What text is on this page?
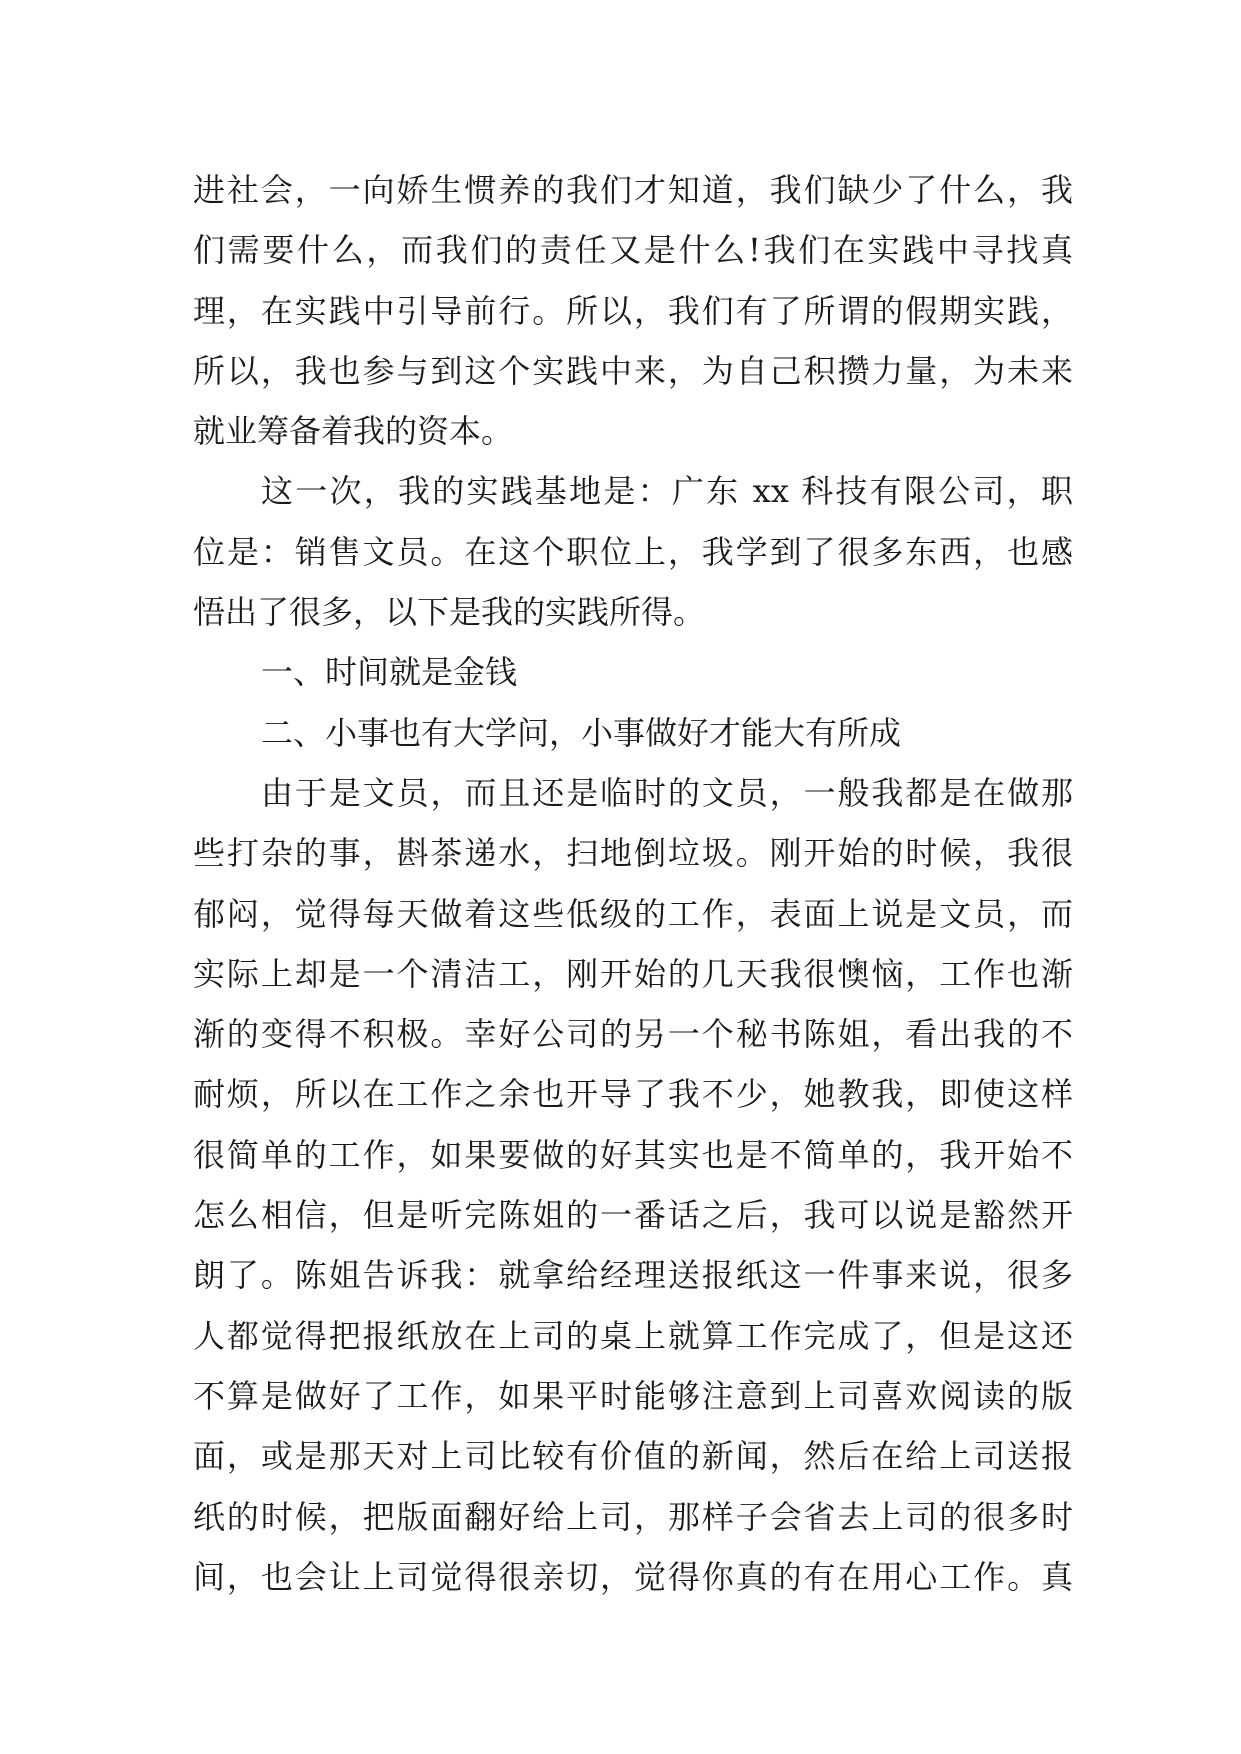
进社会，一向娇生惯养的我们才知道，我们缺少了什么，我
们需要什么，而我们的责任又是什么!我们在实践中寻找真
理，在实践中引导前行。所以，我们有了所谓的假期实践，
所以，我也参与到这个实践中来，为自己积攒力量，为未来
就业筹备着我的资本。
这一次，我的实践基地是：广东 xx 科技有限公司，职
位是：销售文员。在这个职位上，我学到了很多东西，也感
悟出了很多，以下是我的实践所得。
一、时间就是金钱
二、小事也有大学问，小事做好才能大有所成
由于是文员，而且还是临时的文员，一般我都是在做那
些打杂的事，斟茶递水，扫地倒垃圾。刚开始的时候，我很
郁闷，觉得每天做着这些低级的工作，表面上说是文员，而
实际上却是一个清洁工，刚开始的几天我很懊恼，工作也渐
渐的变得不积极。幸好公司的另一个秘书陈姐，看出我的不
耐烦，所以在工作之余也开导了我不少，她教我，即使这样
很简单的工作，如果要做的好其实也是不简单的，我开始不
怎么相信，但是听完陈姐的一番话之后，我可以说是豁然开
朗了。陈姐告诉我：就拿给经理送报纸这一件事来说，很多
人都觉得把报纸放在上司的桌上就算工作完成了，但是这还
不算是做好了工作，如果平时能够注意到上司喜欢阅读的版
面，或是那天对上司比较有价值的新闻，然后在给上司送报
纸的时候，把版面翻好给上司，那样子会省去上司的很多时
间，也会让上司觉得很亲切，觉得你真的有在用心工作。真
